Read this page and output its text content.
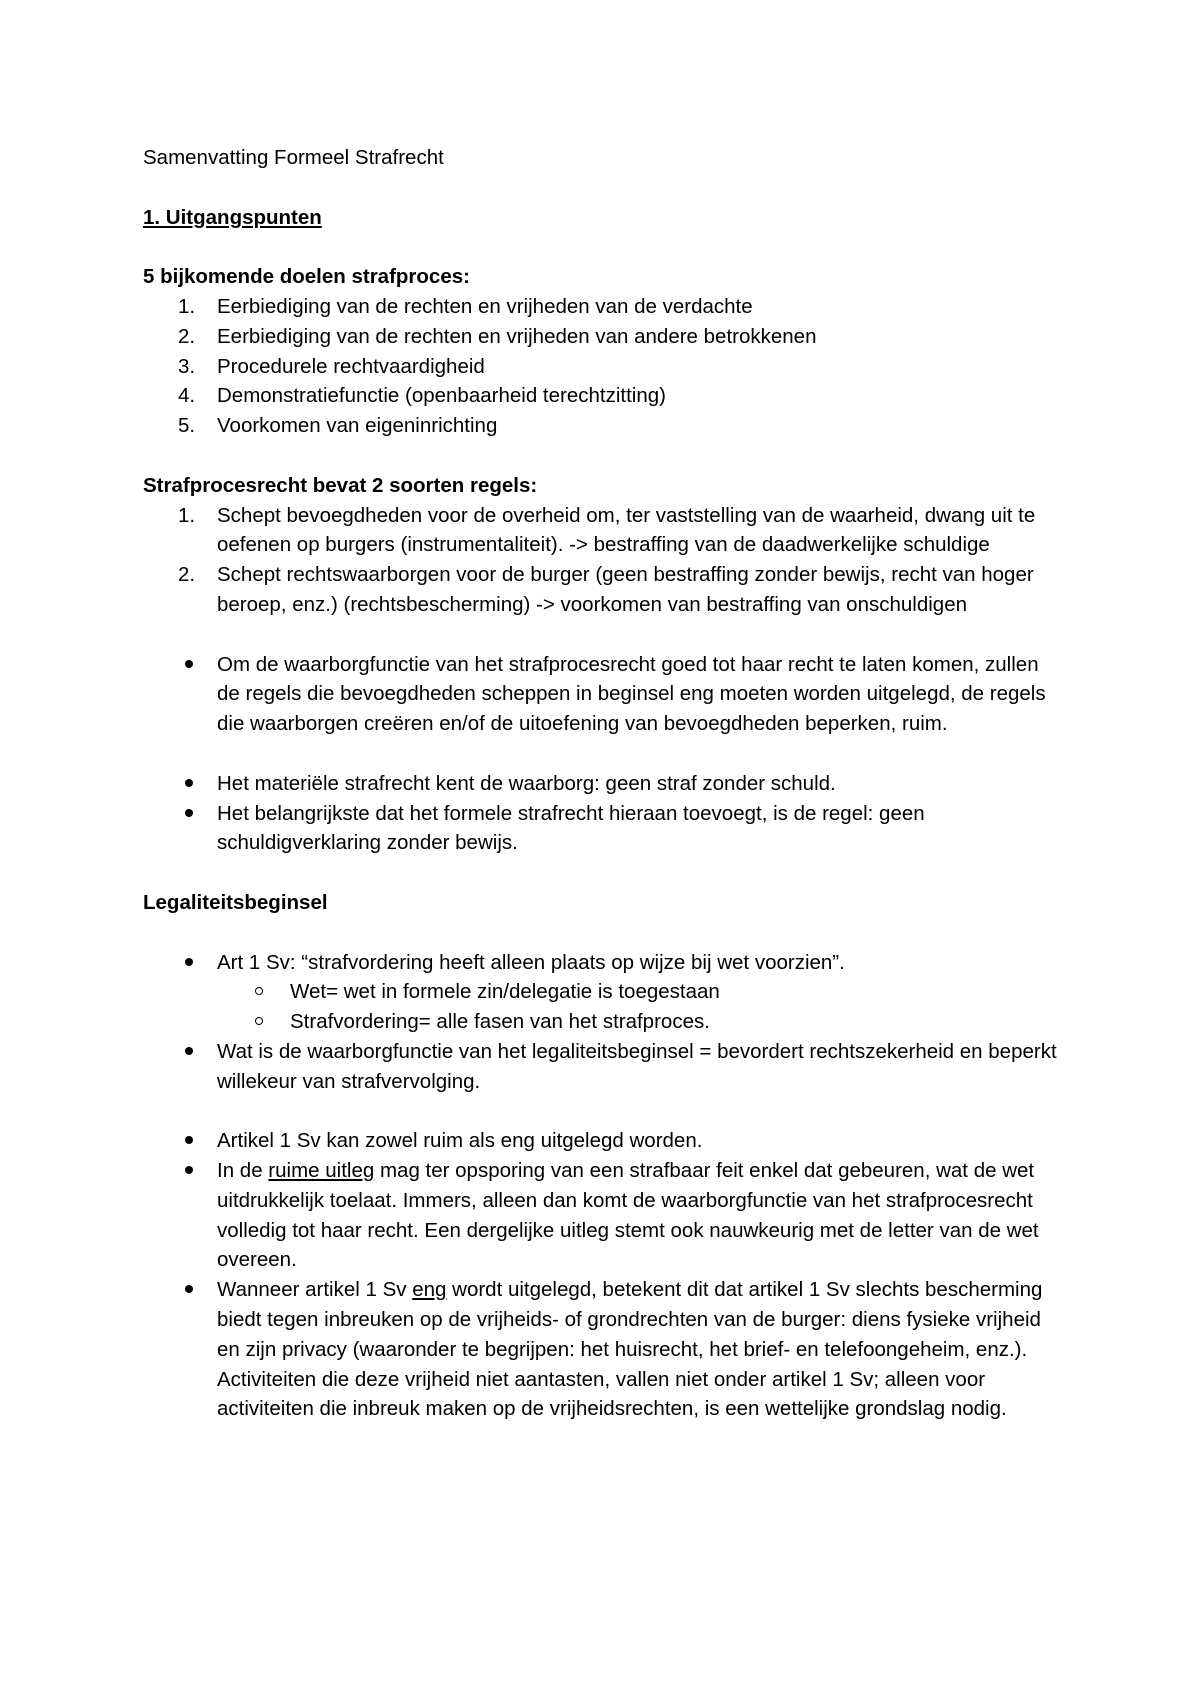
Samenvatting Formeel Strafrecht

1. Uitgangspunten

5 bijkomende doelen strafproces:

1. Eerbiediging van de rechten en vrijheden van de verdachte
2. Eerbiediging van de rechten en vrijheden van andere betrokkenen
3. Procedurele rechtvaardigheid
4. Demonstratiefunctie (openbaarheid terechtzitting)
5. Voorkomen van eigeninrichting

Strafprocesrecht bevat 2 soorten regels:

1. Schept bevoegdheden voor de overheid om, ter vaststelling van de waarheid, dwang uit te oefenen op burgers (instrumentaliteit). -> bestraffing van de daadwerkelijke schuldige
2. Schept rechtswaarborgen voor de burger (geen bestraffing zonder bewijs, recht van hoger beroep, enz.) (rechtsbescherming) -> voorkomen van bestraffing van onschuldigen
Om de waarborgfunctie van het strafprocesrecht goed tot haar recht te laten komen, zullen de regels die bevoegdheden scheppen in beginsel eng moeten worden uitgelegd, de regels die waarborgen creëren en/of de uitoefening van bevoegdheden beperken, ruim.
Het materiële strafrecht kent de waarborg: geen straf zonder schuld.
Het belangrijkste dat het formele strafrecht hieraan toevoegt, is de regel: geen schuldigverklaring zonder bewijs.

Legaliteitsbeginsel

Art 1 Sv: “strafvordering heeft alleen plaats op wijze bij wet voorzien”.
Wet= wet in formele zin/delegatie is toegestaan
Strafvordering= alle fasen van het strafproces.
Wat is de waarborgfunctie van het legaliteitsbeginsel = bevordert rechtszekerheid en beperkt willekeur van strafvervolging.
Artikel 1 Sv kan zowel ruim als eng uitgelegd worden.
In de ruime uitleg mag ter opsporing van een strafbaar feit enkel dat gebeuren, wat de wet uitdrukkelijk toelaat. Immers, alleen dan komt de waarborgfunctie van het strafprocesrecht volledig tot haar recht. Een dergelijke uitleg stemt ook nauwkeurig met de letter van de wet overeen.
Wanneer artikel 1 Sv eng wordt uitgelegd, betekent dit dat artikel 1 Sv slechts bescherming biedt tegen inbreuken op de vrijheids- of grondrechten van de burger: diens fysieke vrijheid en zijn privacy (waaronder te begrijpen: het huisrecht, het brief- en telefoongeheim, enz.). Activiteiten die deze vrijheid niet aantasten, vallen niet onder artikel 1 Sv; alleen voor activiteiten die inbreuk maken op de vrijheidsrechten, is een wettelijke grondslag nodig.
